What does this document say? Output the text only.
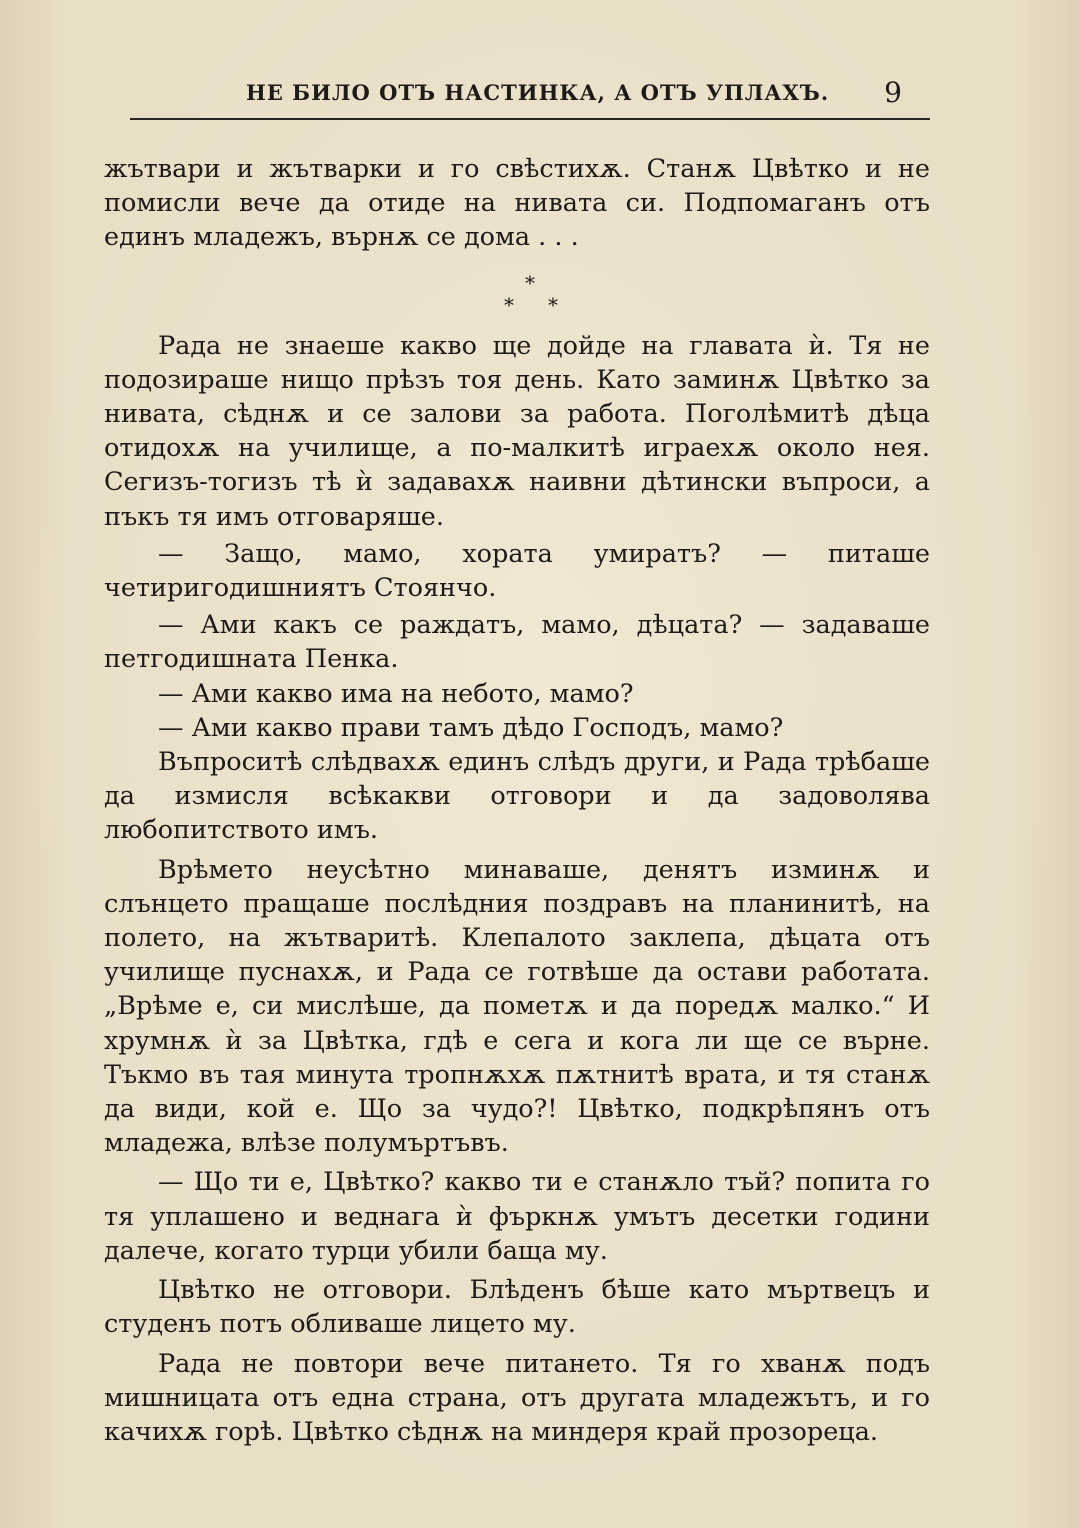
НЕ БИЛО ОТЪ НАСТИНКА, А ОТЪ УПЛАХЪ. 9

жътвари и жътварки и го свѣстихѫ. Станѫ Цвѣтко и не помисли вече да отиде на нивата си. Подпомаганъ отъ единъ младежъ, върнѫ се дома . . .

*
* *

Рада не знаеше какво ще дойде на главата ѝ. Тя не подозираше нищо прѣзъ тоя день. Като заминѫ Цвѣтко за нивата, сѣднѫ и се залови за работа. Поголѣмитѣ дѣца отидохѫ на училище, а по-малкитѣ играехѫ около нея. Сегизъ-тогизъ тѣ ѝ задавахѫ наивни дѣтински въпроси, а пъкъ тя имъ отговаряше.

— Защо, мамо, хората умиратъ? — питаше четиригодишниятъ Стоянчо.

— Ами какъ се раждатъ, мамо, дѣцата? — задаваше петгодишната Пенка.

— Ами какво има на небото, мамо?

— Ами какво прави тамъ дѣдо Господъ, мамо?

Въпроситѣ слѣдвахѫ единъ слѣдъ други, и Рада трѣбаше да измисля всѣкакви отговори и да задоволява любопитството имъ.

Врѣмето неусѣтно минаваше, денятъ изминѫ и слънцето пращаше послѣдния поздравъ на планинитѣ, на полето, на жътваритѣ. Клепалото заклепа, дѣцата отъ училище пуснахѫ, и Рада се готвѣше да остави работата. „Врѣме е, си мислѣше, да пометѫ и да поредѫ малко.“ И хрумнѫ ѝ за Цвѣтка, гдѣ е сега и кога ли ще се върне. Тъкмо въ тая минута тропнѫхѫ пѫтнитѣ врата, и тя станѫ да види, кой е. Що за чудо?! Цвѣтко, подкрѣпянъ отъ младежа, влѣзе полумъртъвъ.

— Що ти е, Цвѣтко? какво ти е станѫло тъй? попита го тя уплашено и веднага ѝ фъркнѫ умътъ десетки години далече, когато турци убили баща му.

Цвѣтко не отговори. Блѣденъ бѣше като мъртвецъ и студенъ потъ обливаше лицето му.

Рада не повтори вече питането. Тя го хванѫ подъ мишницата отъ една страна, отъ другата младежътъ, и го качихѫ горѣ. Цвѣтко сѣднѫ на миндеря край прозореца.
